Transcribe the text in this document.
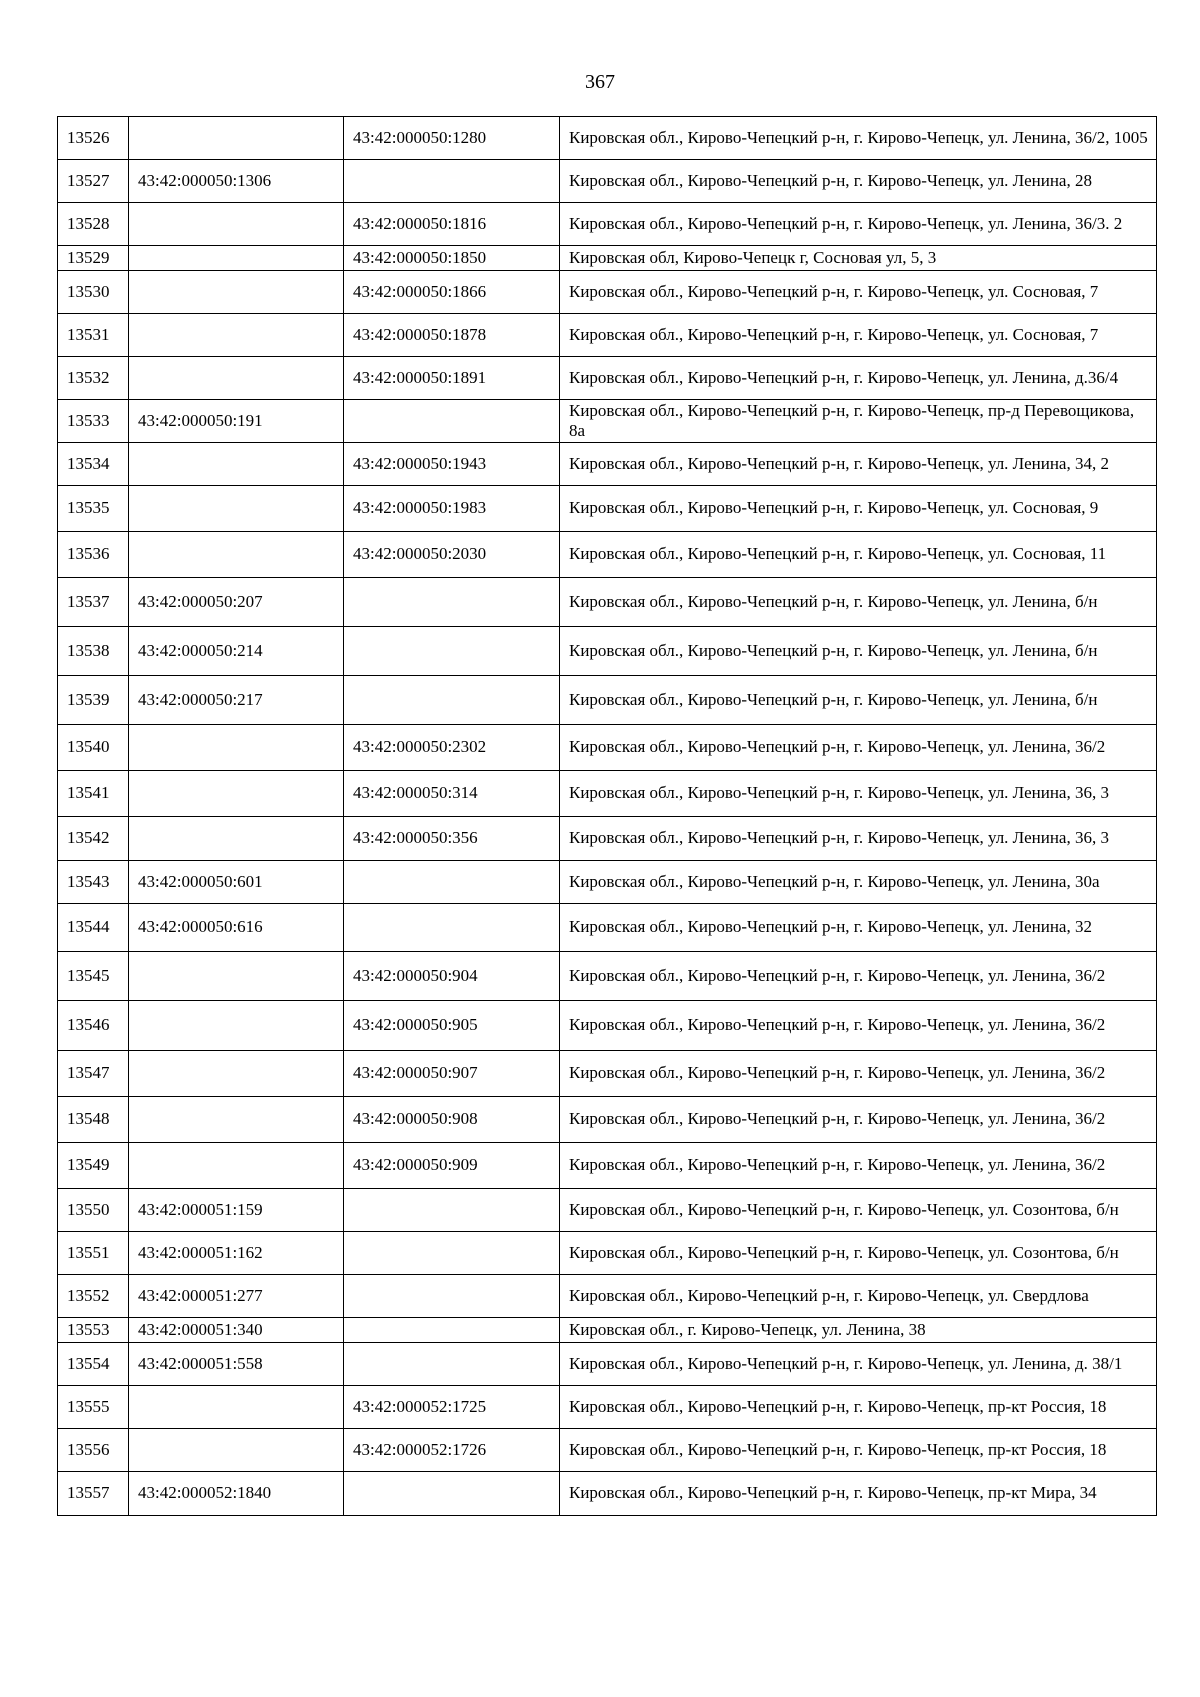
367
13526		43:42:000050:1280	Кировская обл., Кирово-Чепецкий р-н, г. Кирово-Чепецк, ул. Ленина, 36/2, 1005
13527	43:42:000050:1306		Кировская обл., Кирово-Чепецкий р-н, г. Кирово-Чепецк, ул. Ленина, 28
13528		43:42:000050:1816	Кировская обл., Кирово-Чепецкий р-н, г. Кирово-Чепецк, ул. Ленина, 36/3. 2
13529		43:42:000050:1850	Кировская обл, Кирово-Чепецк г, Сосновая ул, 5, 3
13530		43:42:000050:1866	Кировская обл., Кирово-Чепецкий р-н, г. Кирово-Чепецк, ул. Сосновая, 7
13531		43:42:000050:1878	Кировская обл., Кирово-Чепецкий р-н, г. Кирово-Чепецк, ул. Сосновая, 7
13532		43:42:000050:1891	Кировская обл., Кирово-Чепецкий р-н, г. Кирово-Чепецк, ул. Ленина, д.36/4
13533	43:42:000050:191		Кировская обл., Кирово-Чепецкий р-н, г. Кирово-Чепецк, пр-д Перевощикова, 8а
13534		43:42:000050:1943	Кировская обл., Кирово-Чепецкий р-н, г. Кирово-Чепецк, ул. Ленина, 34, 2
13535		43:42:000050:1983	Кировская обл., Кирово-Чепецкий р-н, г. Кирово-Чепецк, ул. Сосновая, 9
13536		43:42:000050:2030	Кировская обл., Кирово-Чепецкий р-н, г. Кирово-Чепецк, ул. Сосновая, 11
13537	43:42:000050:207		Кировская обл., Кирово-Чепецкий р-н, г. Кирово-Чепецк, ул. Ленина, б/н
13538	43:42:000050:214		Кировская обл., Кирово-Чепецкий р-н, г. Кирово-Чепецк, ул. Ленина, б/н
13539	43:42:000050:217		Кировская обл., Кирово-Чепецкий р-н, г. Кирово-Чепецк, ул. Ленина, б/н
13540		43:42:000050:2302	Кировская обл., Кирово-Чепецкий р-н, г. Кирово-Чепецк, ул. Ленина, 36/2
13541		43:42:000050:314	Кировская обл., Кирово-Чепецкий р-н, г. Кирово-Чепецк, ул. Ленина, 36, 3
13542		43:42:000050:356	Кировская обл., Кирово-Чепецкий р-н, г. Кирово-Чепецк, ул. Ленина, 36, 3
13543	43:42:000050:601		Кировская обл., Кирово-Чепецкий р-н, г. Кирово-Чепецк, ул. Ленина, 30а
13544	43:42:000050:616		Кировская обл., Кирово-Чепецкий р-н, г. Кирово-Чепецк, ул. Ленина, 32
13545		43:42:000050:904	Кировская обл., Кирово-Чепецкий р-н, г. Кирово-Чепецк, ул. Ленина, 36/2
13546		43:42:000050:905	Кировская обл., Кирово-Чепецкий р-н, г. Кирово-Чепецк, ул. Ленина, 36/2
13547		43:42:000050:907	Кировская обл., Кирово-Чепецкий р-н, г. Кирово-Чепецк, ул. Ленина, 36/2
13548		43:42:000050:908	Кировская обл., Кирово-Чепецкий р-н, г. Кирово-Чепецк, ул. Ленина, 36/2
13549		43:42:000050:909	Кировская обл., Кирово-Чепецкий р-н, г. Кирово-Чепецк, ул. Ленина, 36/2
13550	43:42:000051:159		Кировская обл., Кирово-Чепецкий р-н, г. Кирово-Чепецк, ул. Созонтова, б/н
13551	43:42:000051:162		Кировская обл., Кирово-Чепецкий р-н, г. Кирово-Чепецк, ул. Созонтова, б/н
13552	43:42:000051:277		Кировская обл., Кирово-Чепецкий р-н, г. Кирово-Чепецк, ул. Свердлова
13553	43:42:000051:340		Кировская обл., г. Кирово-Чепецк, ул. Ленина, 38
13554	43:42:000051:558		Кировская обл., Кирово-Чепецкий р-н, г. Кирово-Чепецк, ул. Ленина, д. 38/1
13555		43:42:000052:1725	Кировская обл., Кирово-Чепецкий р-н, г. Кирово-Чепецк, пр-кт Россия, 18
13556		43:42:000052:1726	Кировская обл., Кирово-Чепецкий р-н, г. Кирово-Чепецк, пр-кт Россия, 18
13557	43:42:000052:1840		Кировская обл., Кирово-Чепецкий р-н, г. Кирово-Чепецк, пр-кт Мира, 34
